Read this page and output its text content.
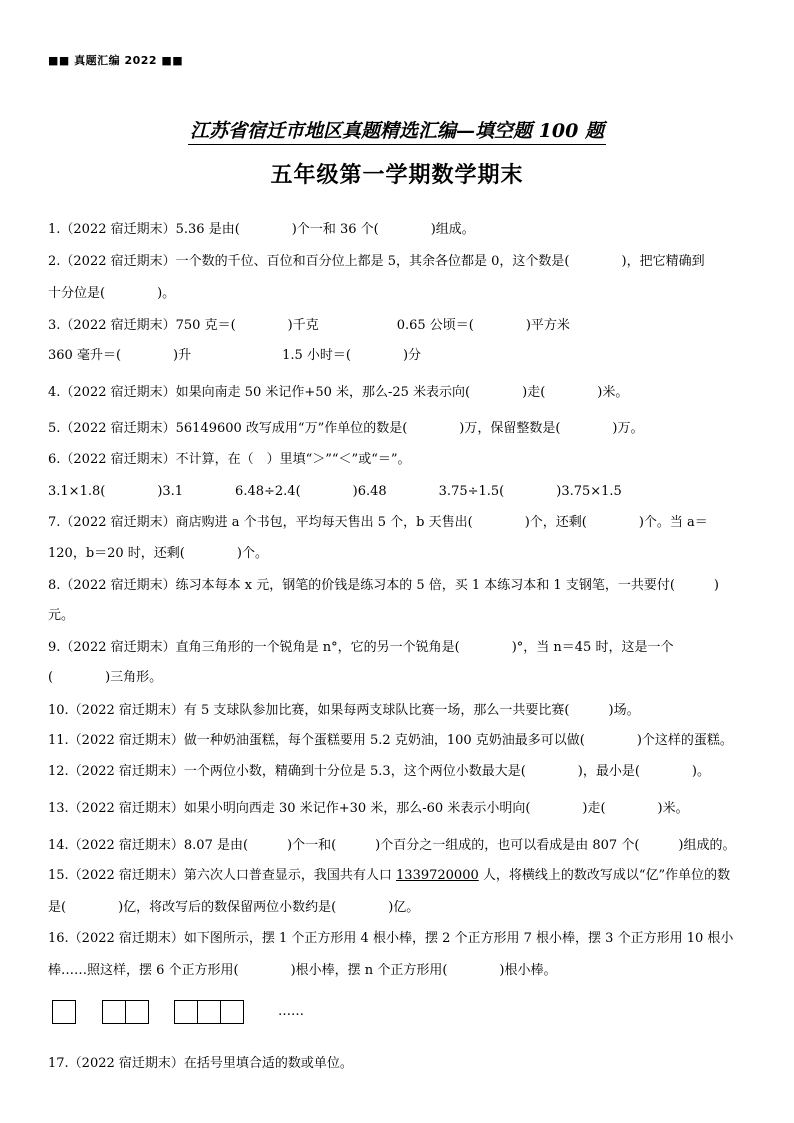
■■ 真题汇编 2022 ■■
江苏省宿迁市地区真题精选汇编—填空题 100 题
五年级第一学期数学期末
1.（2022 宿迁期末）5.36 是由(　　　　)个一和 36 个(　　　　)组成。
2.（2022 宿迁期末）一个数的千位、百位和百分位上都是 5，其余各位都是 0，这个数是(　　　　)，把它精确到
十分位是(　　　　)。
3.（2022 宿迁期末）750 克＝(　　　　)千克　　　　　　0.65 公顷＝(　　　　)平方米
360 毫升＝(　　　　)升　　　　　　　1.5 小时＝(　　　　)分
4.（2022 宿迁期末）如果向南走 50 米记作+50 米，那么-25 米表示向(　　　　)走(　　　　)米。
5.（2022 宿迁期末）56149600 改写成用“万”作单位的数是(　　　　)万，保留整数是(　　　　)万。
6.（2022 宿迁期末）不计算，在（　）里填“＞”“＜”或“＝”。
3.1×1.8(　　　　)3.1　　　　6.48÷2.4(　　　　)6.48　　　　3.75÷1.5(　　　　)3.75×1.5
7.（2022 宿迁期末）商店购进 a 个书包，平均每天售出 5 个，b 天售出(　　　　)个，还剩(　　　　)个。当 a＝
120，b＝20 时，还剩(　　　　)个。
8.（2022 宿迁期末）练习本每本 x 元，钢笔的价钱是练习本的 5 倍，买 1 本练习本和 1 支钢笔，一共要付(　　　)
元。
9.（2022 宿迁期末）直角三角形的一个锐角是 n°，它的另一个锐角是(　　　　)°，当 n＝45 时，这是一个
(　　　　)三角形。
10.（2022 宿迁期末）有 5 支球队参加比赛，如果每两支球队比赛一场，那么一共要比赛(　　　)场。
11.（2022 宿迁期末）做一种奶油蛋糕，每个蛋糕要用 5.2 克奶油，100 克奶油最多可以做(　　　　)个这样的蛋糕。
12.（2022 宿迁期末）一个两位小数，精确到十分位是 5.3，这个两位小数最大是(　　　　)，最小是(　　　　)。
13.（2022 宿迁期末）如果小明向西走 30 米记作+30 米，那么-60 米表示小明向(　　　　)走(　　　　)米。
14.（2022 宿迁期末）8.07 是由(　　　)个一和(　　　)个百分之一组成的，也可以看成是由 807 个(　　　)组成的。
15.（2022 宿迁期末）第六次人口普查显示，我国共有人口 1339720000 人，将横线上的数改写成以“亿”作单位的数
是(　　　　)亿，将改写后的数保留两位小数约是(　　　　)亿。
16.（2022 宿迁期末）如下图所示，摆 1 个正方形用 4 根小棒，摆 2 个正方形用 7 根小棒，摆 3 个正方形用 10 根小
棒……照这样，摆 6 个正方形用(　　　　)根小棒，摆 n 个正方形用(　　　　)根小棒。
……
17.（2022 宿迁期末）在括号里填合适的数或单位。
